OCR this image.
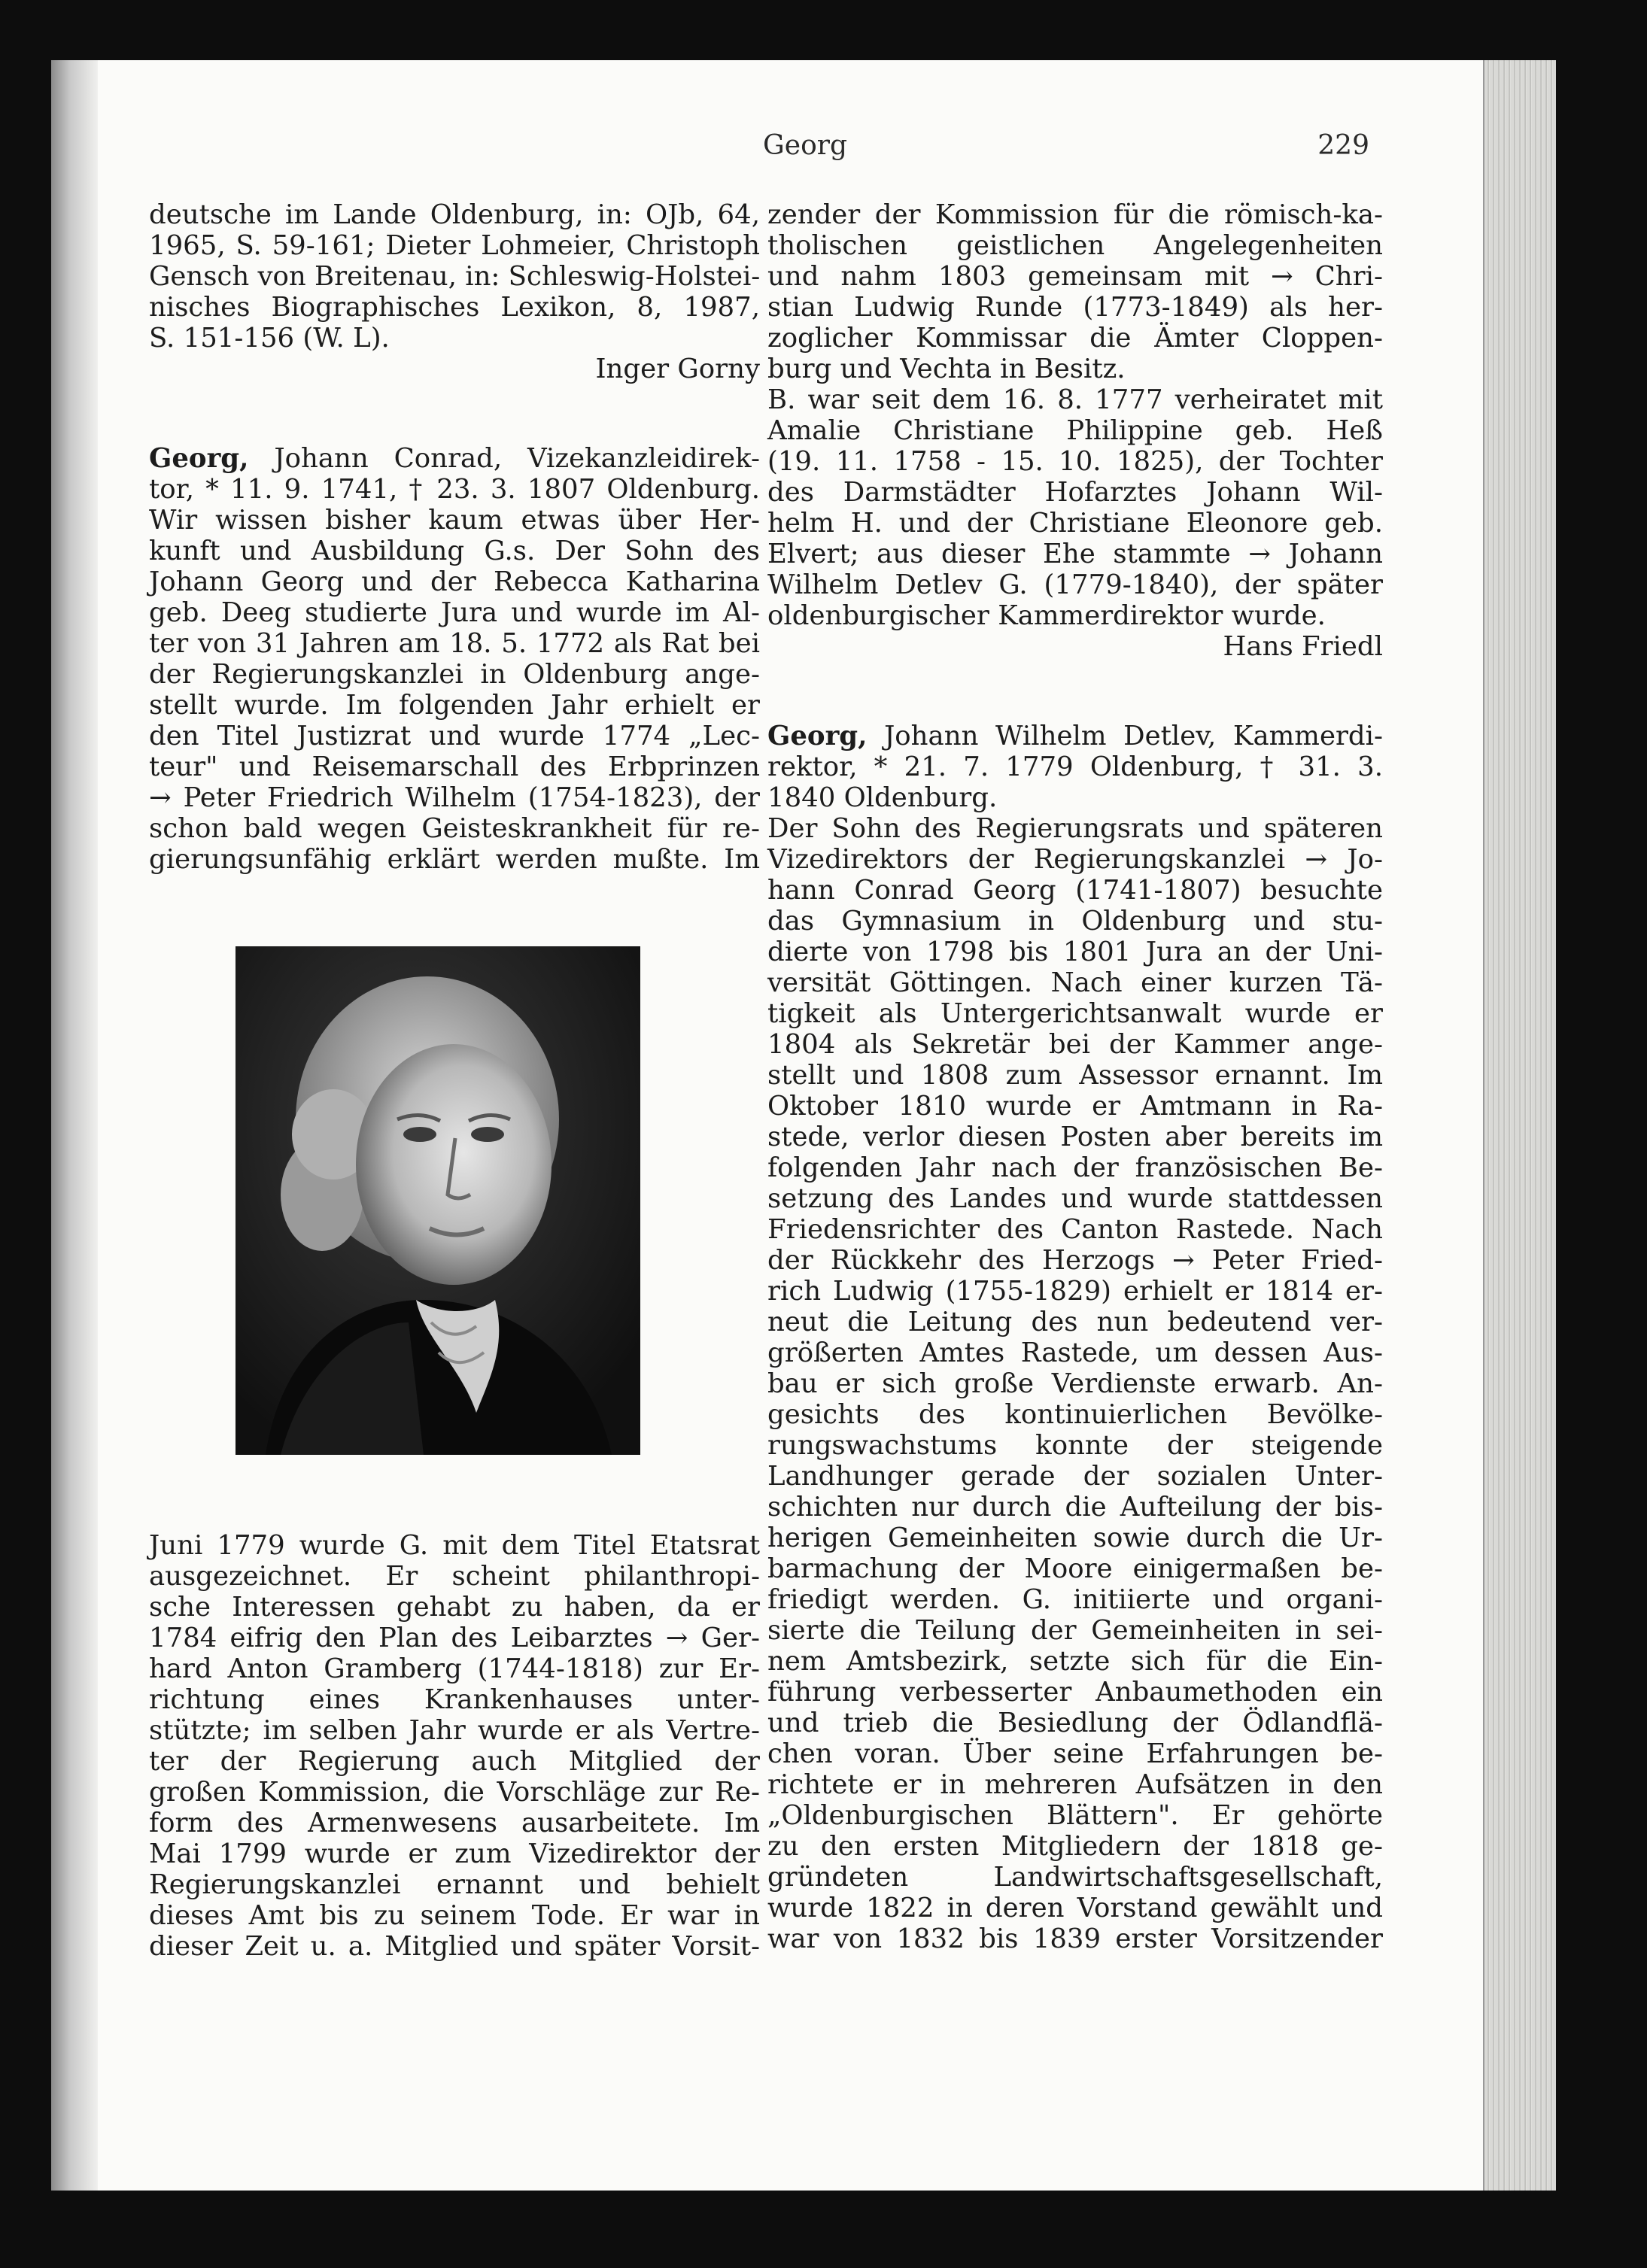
Georg	229
deutsche im Lande Oldenburg, in: OJb, 64,
1965, S. 59-161; Dieter Lohmeier, Christoph
Gensch von Breitenau, in: Schleswig-Holstei-
nisches Biographisches Lexikon, 8, 1987,
S. 151-156 (W. L).
Inger Gorny
Georg, Johann Conrad, Vizekanzleidirek-
tor, * 11. 9. 1741, † 23. 3. 1807 Oldenburg.
Wir wissen bisher kaum etwas über Her-
kunft und Ausbildung G.s. Der Sohn des
Johann Georg und der Rebecca Katharina
geb. Deeg studierte Jura und wurde im Al-
ter von 31 Jahren am 18. 5. 1772 als Rat bei
der Regierungskanzlei in Oldenburg ange-
stellt wurde. Im folgenden Jahr erhielt er
den Titel Justizrat und wurde 1774 „Lec-
teur" und Reisemarschall des Erbprinzen
→ Peter Friedrich Wilhelm (1754-1823), der
schon bald wegen Geisteskrankheit für re-
gierungsunfähig erklärt werden mußte. Im
Juni 1779 wurde G. mit dem Titel Etatsrat
ausgezeichnet. Er scheint philanthropi-
sche Interessen gehabt zu haben, da er
1784 eifrig den Plan des Leibarztes → Ger-
hard Anton Gramberg (1744-1818) zur Er-
richtung eines Krankenhauses unter-
stützte; im selben Jahr wurde er als Vertre-
ter der Regierung auch Mitglied der
großen Kommission, die Vorschläge zur Re-
form des Armenwesens ausarbeitete. Im
Mai 1799 wurde er zum Vizedirektor der
Regierungskanzlei ernannt und behielt
dieses Amt bis zu seinem Tode. Er war in
dieser Zeit u. a. Mitglied und später Vorsit-
zender der Kommission für die römisch-ka-
tholischen geistlichen Angelegenheiten
und nahm 1803 gemeinsam mit → Chri-
stian Ludwig Runde (1773-1849) als her-
zoglicher Kommissar die Ämter Cloppen-
burg und Vechta in Besitz.
B. war seit dem 16. 8. 1777 verheiratet mit
Amalie Christiane Philippine geb. Heß
(19. 11. 1758 - 15. 10. 1825), der Tochter
des Darmstädter Hofarztes Johann Wil-
helm H. und der Christiane Eleonore geb.
Elvert; aus dieser Ehe stammte → Johann
Wilhelm Detlev G. (1779-1840), der später
oldenburgischer Kammerdirektor wurde.
Hans Friedl
Georg, Johann Wilhelm Detlev, Kammerdi-
rektor, * 21. 7. 1779 Oldenburg, † 31. 3.
1840 Oldenburg.
Der Sohn des Regierungsrats und späteren
Vizedirektors der Regierungskanzlei → Jo-
hann Conrad Georg (1741-1807) besuchte
das Gymnasium in Oldenburg und stu-
dierte von 1798 bis 1801 Jura an der Uni-
versität Göttingen. Nach einer kurzen Tä-
tigkeit als Untergerichtsanwalt wurde er
1804 als Sekretär bei der Kammer ange-
stellt und 1808 zum Assessor ernannt. Im
Oktober 1810 wurde er Amtmann in Ra-
stede, verlor diesen Posten aber bereits im
folgenden Jahr nach der französischen Be-
setzung des Landes und wurde stattdessen
Friedensrichter des Canton Rastede. Nach
der Rückkehr des Herzogs → Peter Fried-
rich Ludwig (1755-1829) erhielt er 1814 er-
neut die Leitung des nun bedeutend ver-
größerten Amtes Rastede, um dessen Aus-
bau er sich große Verdienste erwarb. An-
gesichts des kontinuierlichen Bevölke-
rungswachstums konnte der steigende
Landhunger gerade der sozialen Unter-
schichten nur durch die Aufteilung der bis-
herigen Gemeinheiten sowie durch die Ur-
barmachung der Moore einigermaßen be-
friedigt werden. G. initiierte und organi-
sierte die Teilung der Gemeinheiten in sei-
nem Amtsbezirk, setzte sich für die Ein-
führung verbesserter Anbaumethoden ein
und trieb die Besiedlung der Ödlandflä-
chen voran. Über seine Erfahrungen be-
richtete er in mehreren Aufsätzen in den
„Oldenburgischen Blättern". Er gehörte
zu den ersten Mitgliedern der 1818 ge-
gründeten Landwirtschaftsgesellschaft,
wurde 1822 in deren Vorstand gewählt und
war von 1832 bis 1839 erster Vorsitzender
